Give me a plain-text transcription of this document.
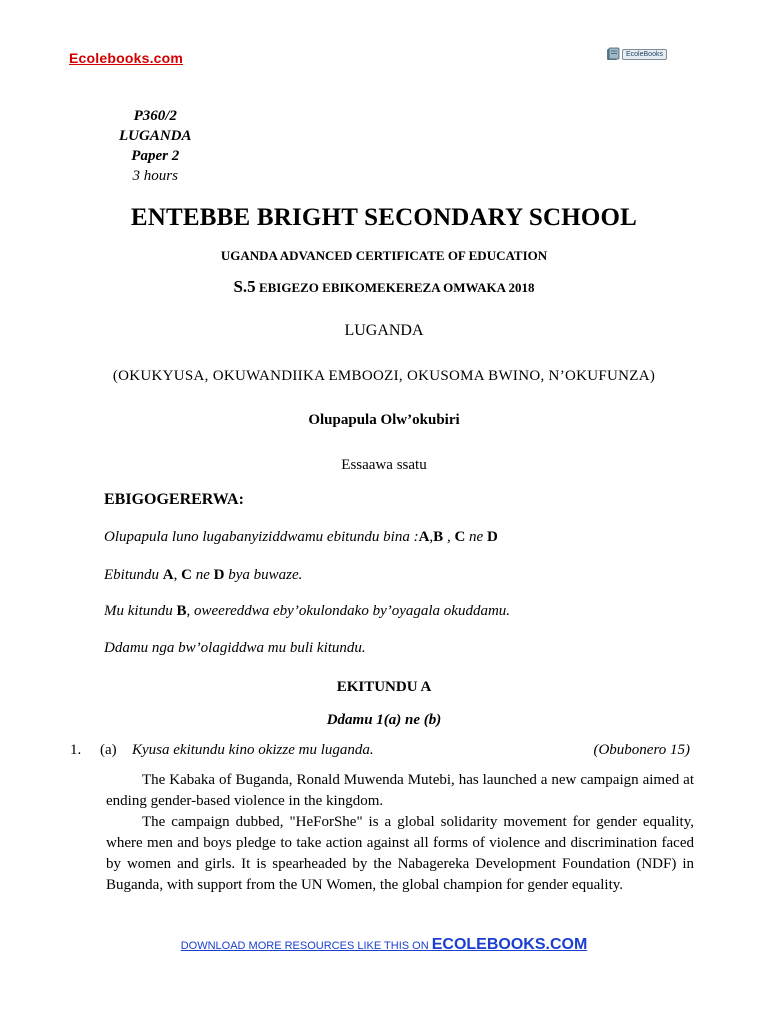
Ecolebooks.com	EcoleBooks
P360/2
LUGANDA
Paper 2
3 hours
ENTEBBE BRIGHT SECONDARY SCHOOL
UGANDA ADVANCED CERTIFICATE OF EDUCATION
S.5 EBIGEZO EBIKOMEKEREZA OMWAKA 2018
LUGANDA
(OKUKYUSA, OKUWANDIIKA EMBOOZI, OKUSOMA BWINO, N’OKUFUNZA)
Olupapula Olw’okubiri
Essaawa ssatu
EBIGOGERERWA:
Olupapula luno lugabanyiziddwamu ebitundu bina :A,B , C ne D
Ebitundu A, C ne D bya buwaze.
Mu kitundu B, oweereddwa eby’okulondako by’oyagala okuddamu.
Ddamu nga bw’olagiddwa mu buli kitundu.
EKITUNDU A
Ddamu 1(a) ne (b)
1. (a) Kyusa ekitundu kino okizze mu luganda.	(Obubonero 15)

The Kabaka of Buganda, Ronald Muwenda Mutebi, has launched a new campaign aimed at ending gender-based violence in the kingdom.

The campaign dubbed, "HeForShe" is a global solidarity movement for gender equality, where men and boys pledge to take action against all forms of violence and discrimination faced by women and girls. It is spearheaded by the Nabagereka Development Foundation (NDF) in Buganda, with support from the UN Women, the global champion for gender equality.

DOWNLOAD MORE RESOURCES LIKE THIS ON ECOLEBOOKS.COM
